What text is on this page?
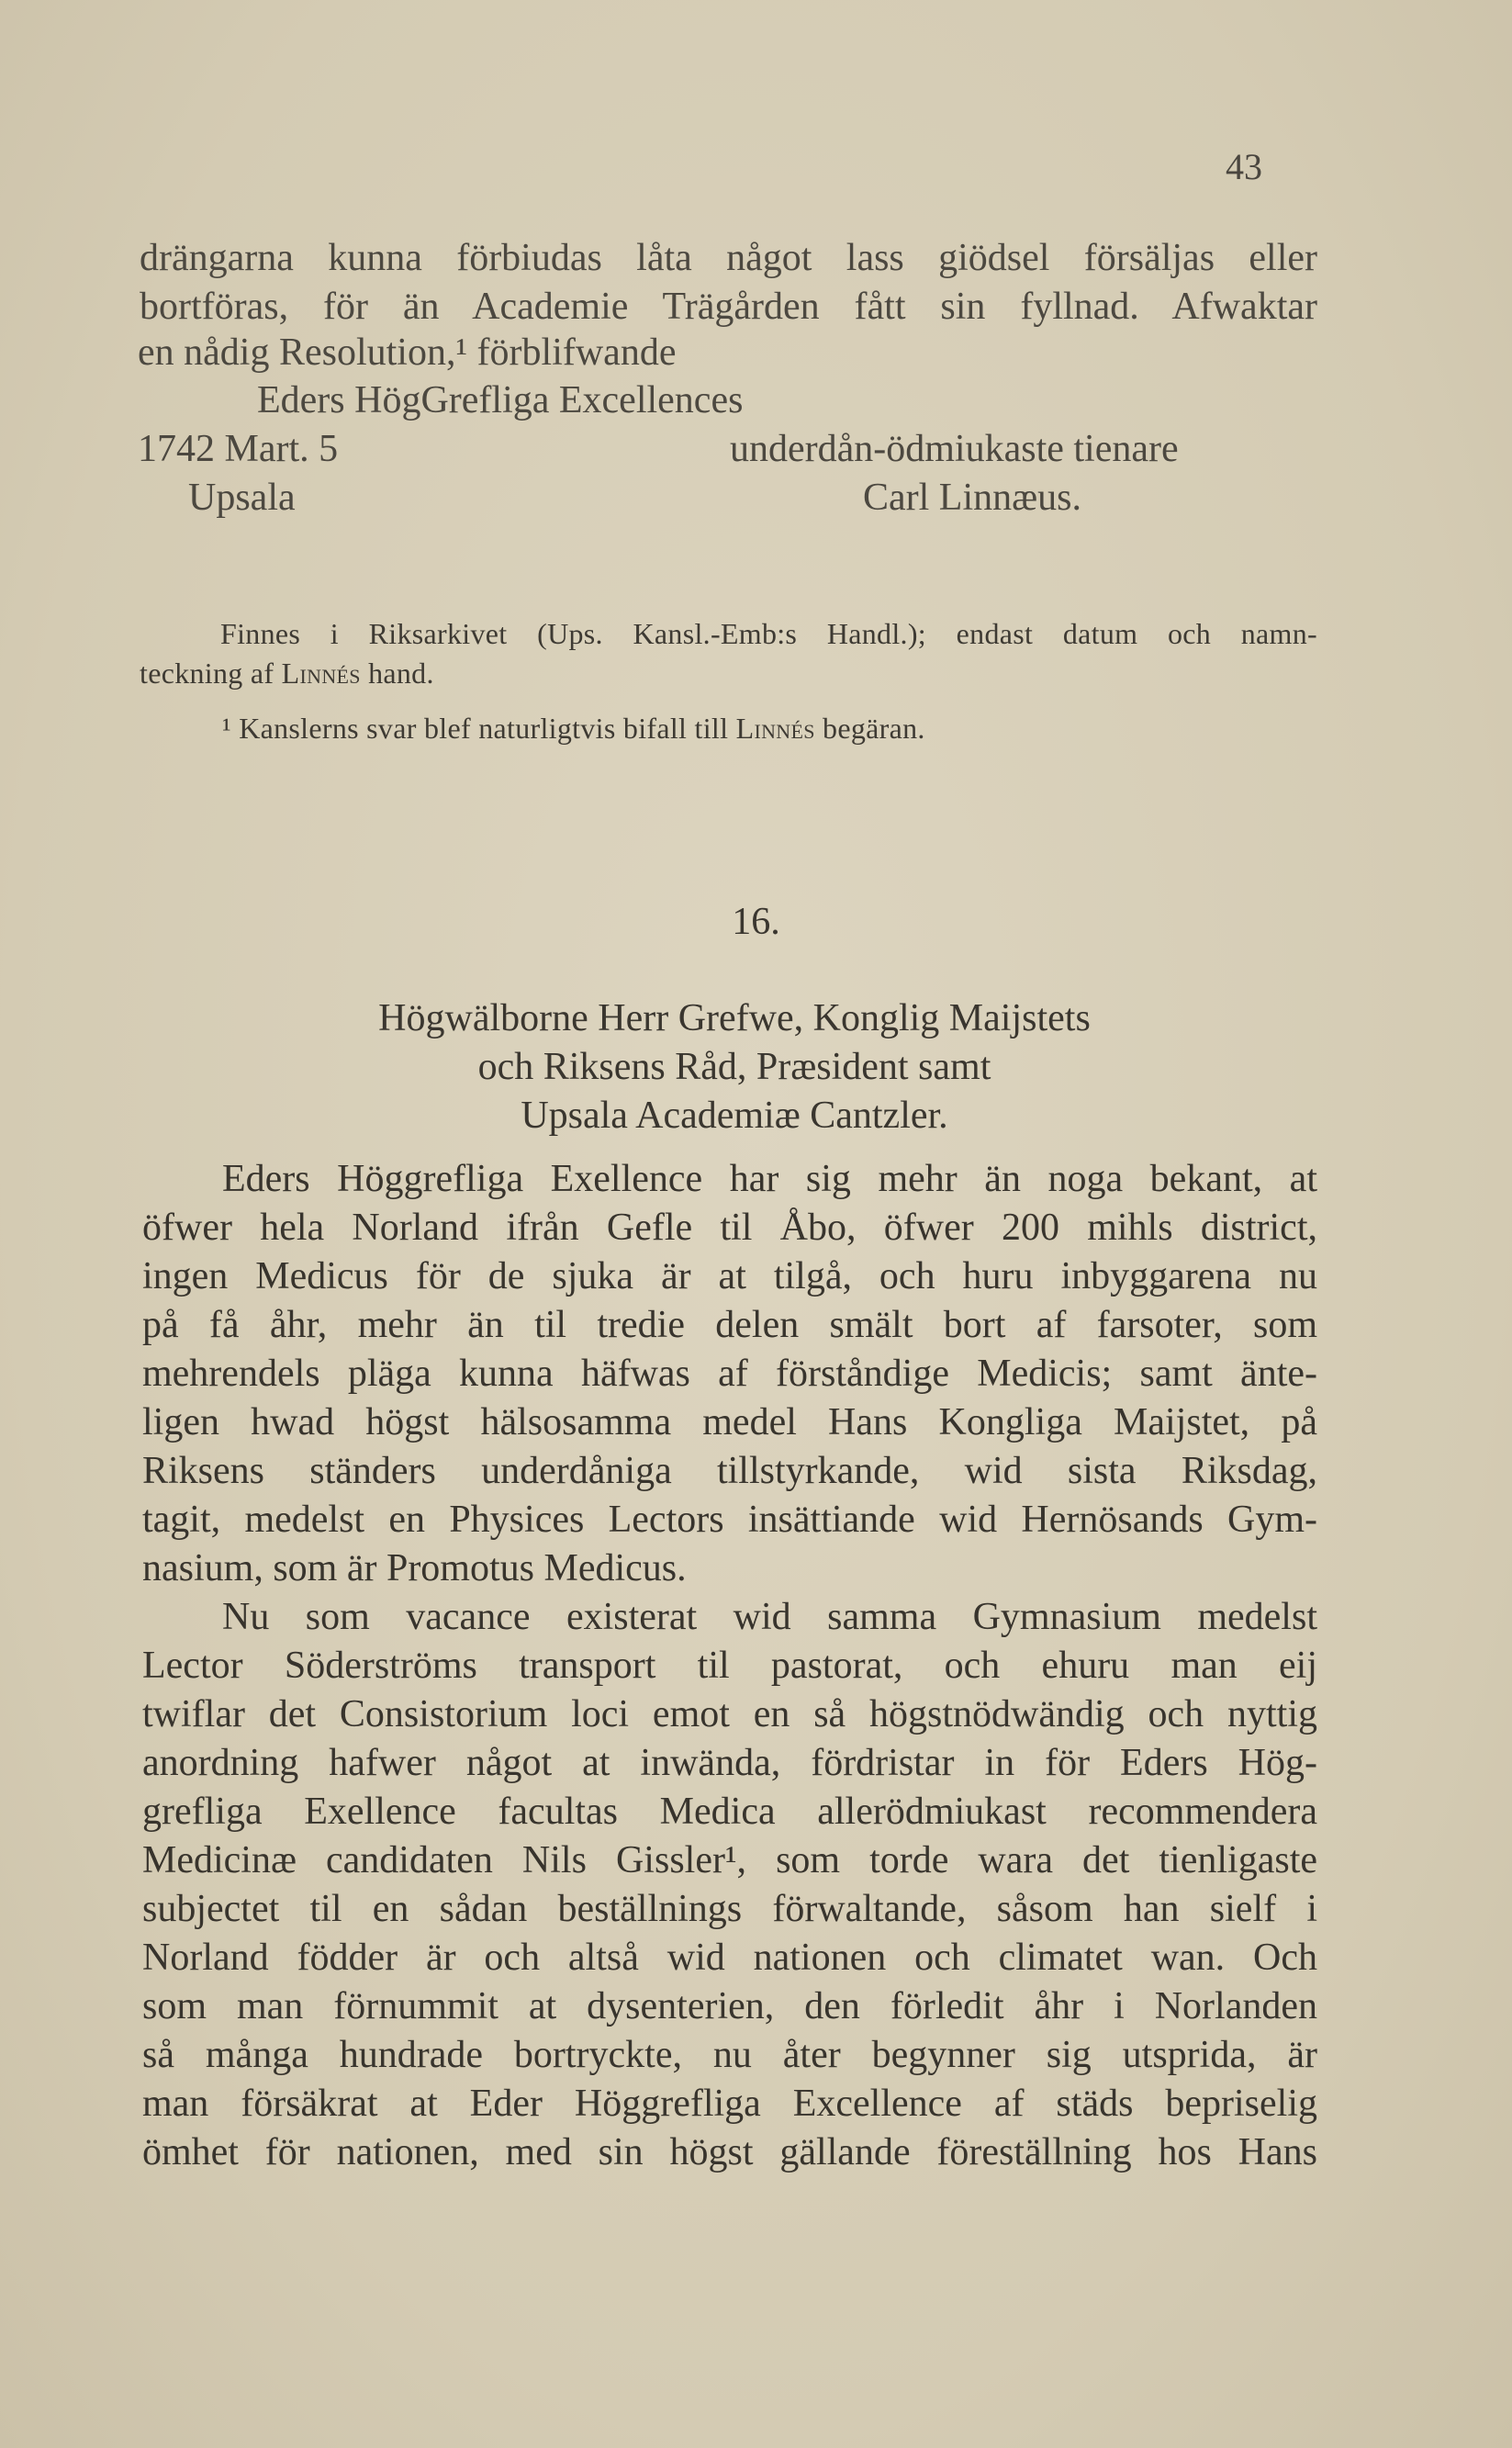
43
drängarna kunna förbiudas låta något lass giödsel försäljas eller
bortföras, för än Academie Trägården fått sin fyllnad. Afwaktar
en nådig Resolution,¹ förblifwande
Eders HögGrefliga Excellences
1742 Mart. 5	underdån-ödmiukaste tienare
Upsala	Carl Linnæus.
Finnes i Riksarkivet (Ups. Kansl.-Emb:s Handl.); endast datum och namn-
teckning af Linnés hand.
¹ Kanslerns svar blef naturligtvis bifall till Linnés begäran.
16.
Högwälborne Herr Grefwe, Konglig Maijstets
och Riksens Råd, Præsident samt
Upsala Academiæ Cantzler.
Eders Höggrefliga Exellence har sig mehr än noga bekant, at
öfwer hela Norland ifrån Gefle til Åbo, öfwer 200 mihls district,
ingen Medicus för de sjuka är at tilgå, och huru inbyggarena nu
på få åhr, mehr än til tredie delen smält bort af farsoter, som
mehrendels pläga kunna häfwas af förståndige Medicis; samt änte-
ligen hwad högst hälsosamma medel Hans Kongliga Maijstet, på
Riksens ständers underdåniga tillstyrkande, wid sista Riksdag,
tagit, medelst en Physices Lectors insättiande wid Hernösands Gym-
nasium, som är Promotus Medicus.
Nu som vacance existerat wid samma Gymnasium medelst
Lector Söderströms transport til pastorat, och ehuru man eij
twiflar det Consistorium loci emot en så högstnödwändig och nyttig
anordning hafwer något at inwända, fördristar in för Eders Hög-
grefliga Exellence facultas Medica allerödmiukast recommendera
Medicinæ candidaten Nils Gissler¹, som torde wara det tienligaste
subjectet til en sådan beställnings förwaltande, såsom han sielf i
Norland födder är och altså wid nationen och climatet wan. Och
som man förnummit at dysenterien, den förledit åhr i Norlanden
så många hundrade bortryckte, nu åter begynner sig utsprida, är
man försäkrat at Eder Höggrefliga Excellence af städs bepriselig
ömhet för nationen, med sin högst gällande föreställning hos Hans
